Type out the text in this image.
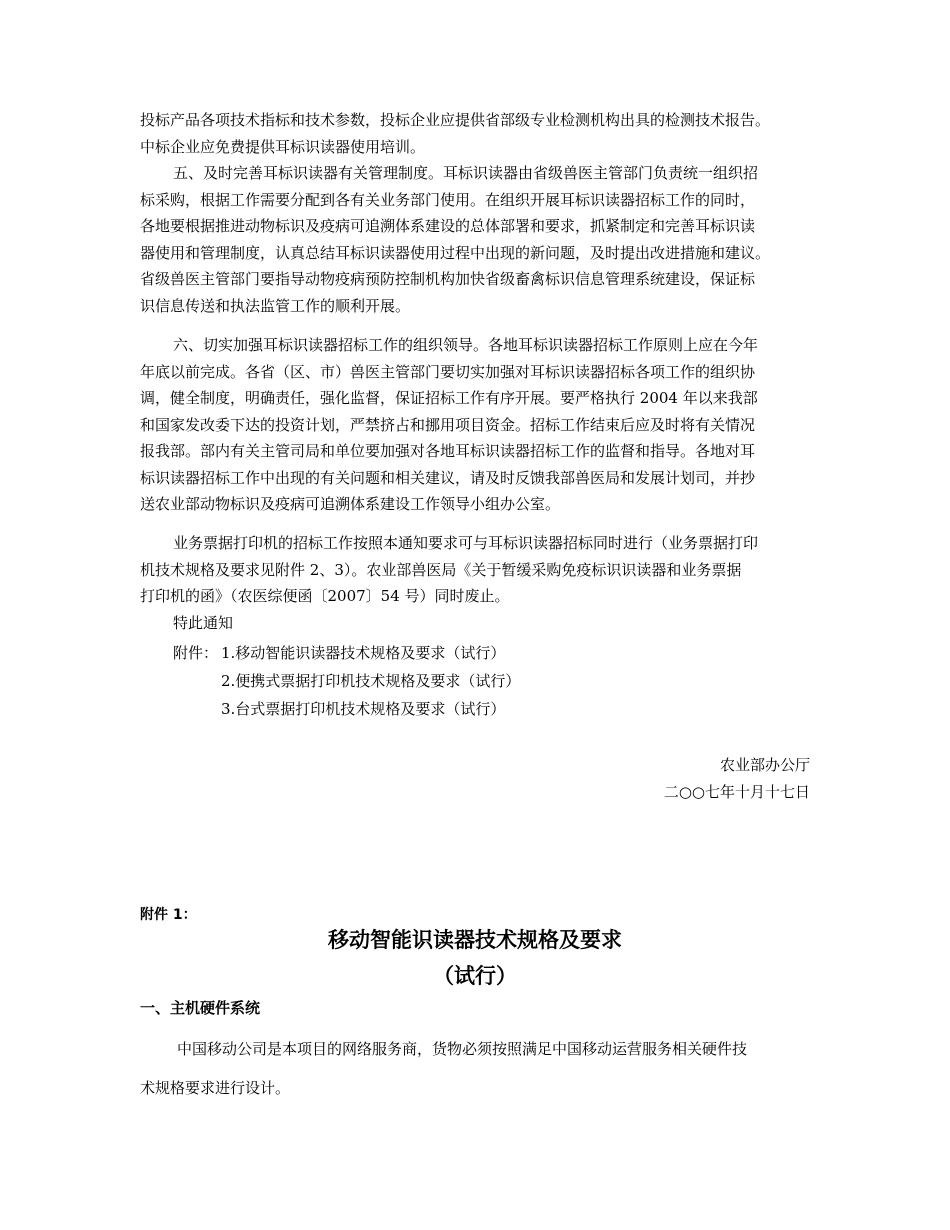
投标产品各项技术指标和技术参数，投标企业应提供省部级专业检测机构出具的检测技术报告。
中标企业应免费提供耳标识读器使用培训。
五、及时完善耳标识读器有关管理制度。耳标识读器由省级兽医主管部门负责统一组织招
标采购，根据工作需要分配到各有关业务部门使用。在组织开展耳标识读器招标工作的同时，
各地要根据推进动物标识及疫病可追溯体系建设的总体部署和要求，抓紧制定和完善耳标识读
器使用和管理制度，认真总结耳标识读器使用过程中出现的新问题，及时提出改进措施和建议。
省级兽医主管部门要指导动物疫病预防控制机构加快省级畜禽标识信息管理系统建设，保证标
识信息传送和执法监管工作的顺利开展。
六、切实加强耳标识读器招标工作的组织领导。各地耳标识读器招标工作原则上应在今年
年底以前完成。各省（区、市）兽医主管部门要切实加强对耳标识读器招标各项工作的组织协
调，健全制度，明确责任，强化监督，保证招标工作有序开展。要严格执行 2004 年以来我部
和国家发改委下达的投资计划，严禁挤占和挪用项目资金。招标工作结束后应及时将有关情况
报我部。部内有关主管司局和单位要加强对各地耳标识读器招标工作的监督和指导。各地对耳
标识读器招标工作中出现的有关问题和相关建议，请及时反馈我部兽医局和发展计划司，并抄
送农业部动物标识及疫病可追溯体系建设工作领导小组办公室。
业务票据打印机的招标工作按照本通知要求可与耳标识读器招标同时进行（业务票据打印
机技术规格及要求见附件 2、3）。农业部兽医局《关于暂缓采购免疫标识识读器和业务票据
打印机的函》（农医综便函〔2007〕54 号）同时废止。
特此通知
附件： 1.移动智能识读器技术规格及要求（试行）
2.便携式票据打印机技术规格及要求（试行）
3.台式票据打印机技术规格及要求（试行）
农业部办公厅
二○○七年十月十七日
附件 1：
移动智能识读器技术规格及要求
（试行）
一、主机硬件系统
中国移动公司是本项目的网络服务商，货物必须按照满足中国移动运营服务相关硬件技
术规格要求进行设计。
